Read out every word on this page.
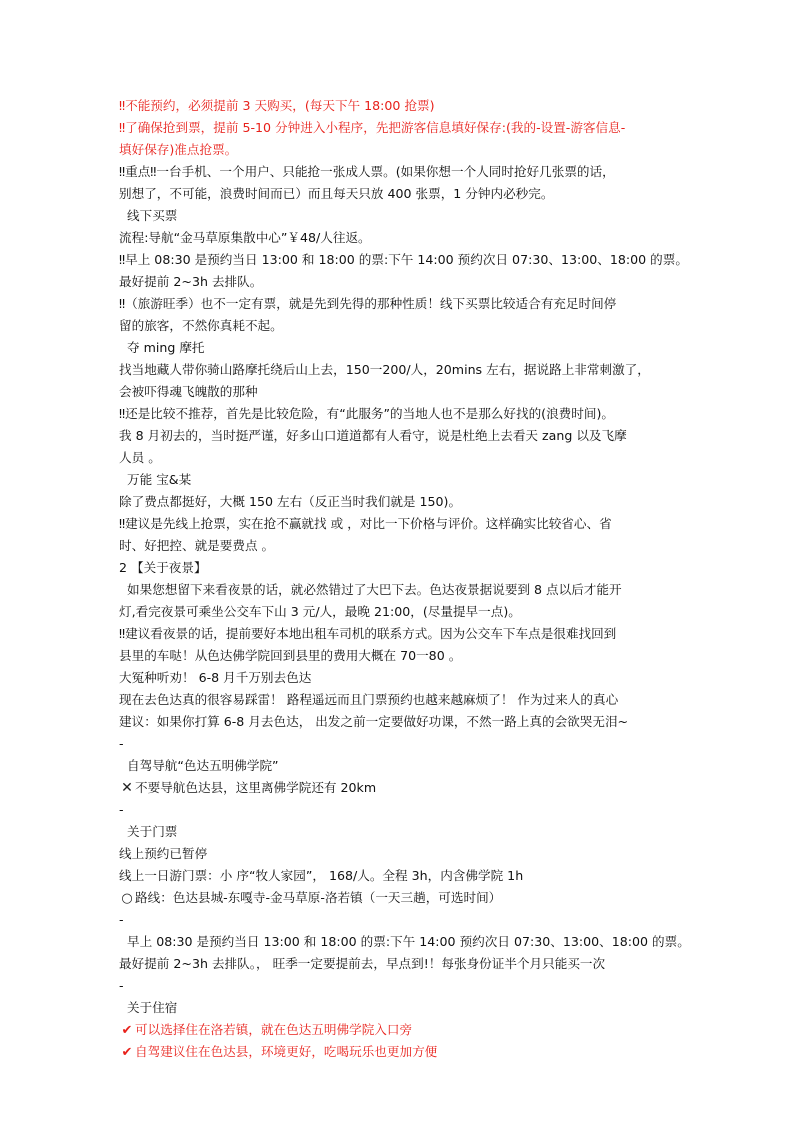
‼不能预约，必须提前 3 天购买，(每天下午 18:00 抢票)
‼了确保抢到票，提前 5-10 分钟进入小程序，先把游客信息填好保存:(我的-设置-游客信息-
填好保存)准点抢票。
‼重点‼一台手机、一个用户、只能抢一张成人票。(如果你想一个人同时抢好几张票的话，
别想了，不可能，浪费时间而已）而且每天只放 400 张票，1 分钟内必秒完。
线下买票
流程:导航“金马草原集散中心”￥48/人往返。
‼早上 08:30 是预约当日 13:00 和 18:00 的票:下午 14:00 预约次日 07:30、13:00、18:00 的票。
最好提前 2~3h 去排队。
‼（旅游旺季）也不一定有票，就是先到先得的那种性质！线下买票比较适合有充足时间停
留的旅客，不然你真耗不起。
夺 ming 摩托
找当地藏人带你骑山路摩托绕后山上去，150一200/人，20mins 左右，据说路上非常刺激了，
会被吓得魂飞魄散的那种
‼还是比较不推荐，首先是比较危险，有“此服务”的当地人也不是那么好找的(浪费时间)。
我 8 月初去的，当时挺严谨，好多山口道道都有人看守，说是杜绝上去看天 zang 以及飞摩
人员 。
万能 宝&某
除了费点都挺好，大概 150 左右（反正当时我们就是 150)。
‼建议是先线上抢票，实在抢不赢就找 或 ，对比一下价格与评价。这样确实比较省心、省
时、好把控、就是要费点 。
2 【关于夜景】
如果您想留下来看夜景的话，就必然错过了大巴下去。色达夜景据说要到 8 点以后才能开
灯,看完夜景可乘坐公交车下山 3 元/人，最晚 21:00，(尽量提早一点)。
‼建议看夜景的话，提前要好本地出租车司机的联系方式。因为公交车下车点是很难找回到
县里的车哒！从色达佛学院回到县里的费用大概在 70一80 。
大冤种听劝！ 6-8 月千万别去色达
现在去色达真的很容易踩雷！ 路程遥远而且门票预约也越来越麻烦了！ 作为过来人的真心
建议：如果你打算 6-8 月去色达， 出发之前一定要做好功课，不然一路上真的会欲哭无泪~
-
自驾导航“色达五明佛学院”
✕ 不要导航色达县，这里离佛学院还有 20km
-
关于门票
线上预约已暂停
线上一日游门票：小 序“牧人家园”， 168/人。全程 3h，内含佛学院 1h
○ 路线：色达县城-东嘎寺-金马草原-洛若镇（一天三趟，可选时间）
-
早上 08:30 是预约当日 13:00 和 18:00 的票:下午 14:00 预约次日 07:30、13:00、18:00 的票。
最好提前 2~3h 去排队。， 旺季一定要提前去，早点到!！每张身份证半个月只能买一次
-
关于住宿
✔ 可以选择住在洛若镇，就在色达五明佛学院入口旁
✔ 自驾建议住在色达县，环境更好，吃喝玩乐也更加方便
